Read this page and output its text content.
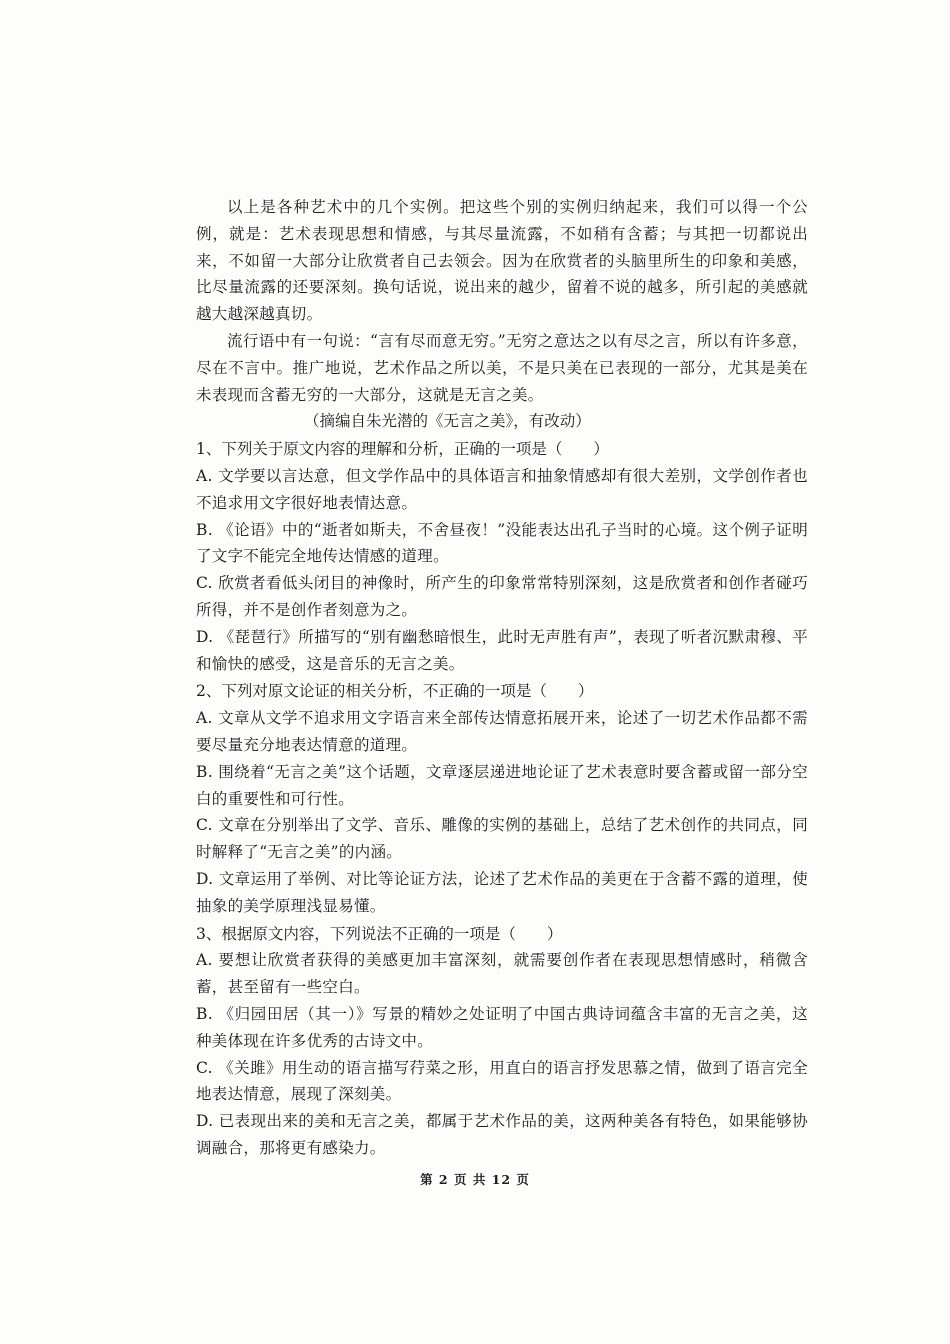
以上是各种艺术中的几个实例。把这些个别的实例归纳起来，我们可以得一个公例，就是：艺术表现思想和情感，与其尽量流露，不如稍有含蓄；与其把一切都说出来，不如留一大部分让欣赏者自己去领会。因为在欣赏者的头脑里所生的印象和美感，比尽量流露的还要深刻。换句话说，说出来的越少，留着不说的越多，所引起的美感就越大越深越真切。

流行语中有一句说：“言有尽而意无穷。”无穷之意达之以有尽之言，所以有许多意，尽在不言中。推广地说，艺术作品之所以美，不是只美在已表现的一部分，尤其是美在未表现而含蓄无穷的一大部分，这就是无言之美。

（摘编自朱光潜的《无言之美》，有改动）

1、下列关于原文内容的理解和分析，正确的一项是（　　）

A. 文学要以言达意，但文学作品中的具体语言和抽象情感却有很大差别，文学创作者也不追求用文字很好地表情达意。

B. 《论语》中的“逝者如斯夫，不舍昼夜！”没能表达出孔子当时的心境。这个例子证明了文字不能完全地传达情感的道理。

C. 欣赏者看低头闭目的神像时，所产生的印象常常特别深刻，这是欣赏者和创作者碰巧所得，并不是创作者刻意为之。

D. 《琵琶行》所描写的“别有幽愁暗恨生，此时无声胜有声”，表现了听者沉默肃穆、平和愉快的感受，这是音乐的无言之美。

2、下列对原文论证的相关分析，不正确的一项是（　　）

A. 文章从文学不追求用文字语言来全部传达情意拓展开来，论述了一切艺术作品都不需要尽量充分地表达情意的道理。

B. 围绕着“无言之美”这个话题，文章逐层递进地论证了艺术表意时要含蓄或留一部分空白的重要性和可行性。

C. 文章在分别举出了文学、音乐、雕像的实例的基础上，总结了艺术创作的共同点，同时解释了“无言之美”的内涵。

D. 文章运用了举例、对比等论证方法，论述了艺术作品的美更在于含蓄不露的道理，使抽象的美学原理浅显易懂。

3、根据原文内容，下列说法不正确的一项是（　　）

A. 要想让欣赏者获得的美感更加丰富深刻，就需要创作者在表现思想情感时，稍微含蓄，甚至留有一些空白。

B. 《归园田居（其一）》写景的精妙之处证明了中国古典诗词蕴含丰富的无言之美，这种美体现在许多优秀的古诗文中。

C. 《关雎》用生动的语言描写荇菜之形，用直白的语言抒发思慕之情，做到了语言完全地表达情意，展现了深刻美。

D. 已表现出来的美和无言之美，都属于艺术作品的美，这两种美各有特色，如果能够协调融合，那将更有感染力。

第 2 页 共 12 页
